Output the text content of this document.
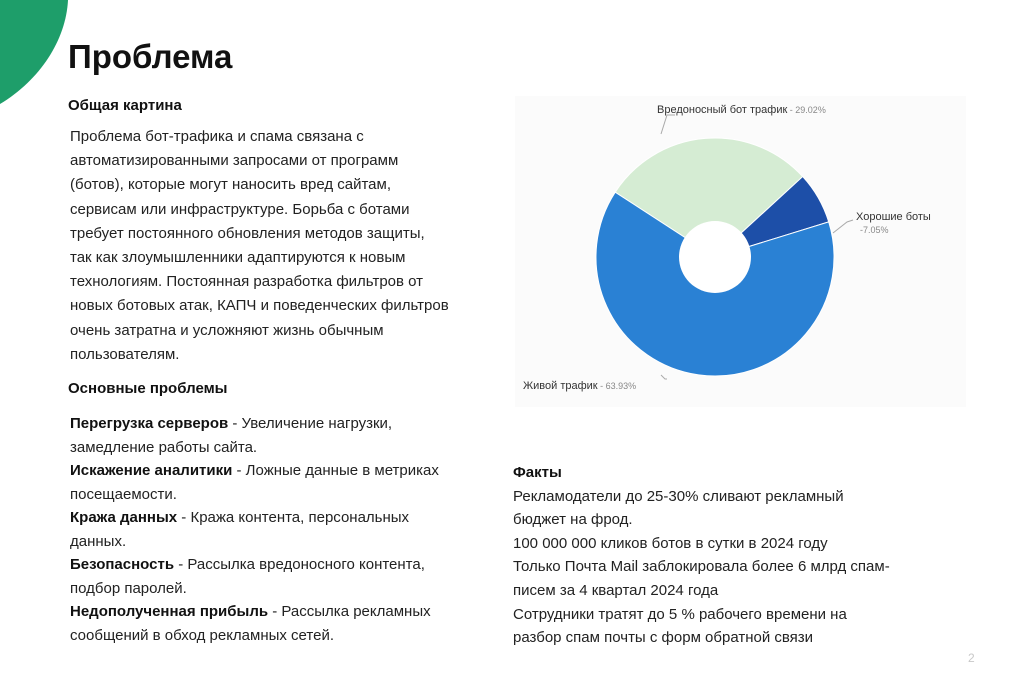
Проблема
Общая картина
Проблема бот-трафика и спама связана с
автоматизированными запросами от программ
(ботов), которые могут наносить вред сайтам,
сервисам или инфраструктуре. Борьба с ботами
требует постоянного обновления методов защиты,
так как злоумышленники адаптируются к новым
технологиям. Постоянная разработка фильтров от
новых ботовых атак, КАПЧ и поведенческих фильтров
очень затратна и усложняют жизнь обычным
пользователям.
Основные проблемы
Перегрузка серверов - Увеличение нагрузки,
замедление работы сайта.
Искажение аналитики - Ложные данные в метриках
посещаемости.
Кража данных - Кража контента, персональных
данных.
Безопасность - Рассылка вредоносного контента,
подбор паролей.
Недополученная прибыль - Рассылка рекламных
сообщений в обход рекламных сетей.
Вредоносный бот трафик - 29.02%
Хорошие боты
-7.05%
Живой трафик - 63.93%
Факты
Рекламодатели до 25-30% сливают рекламный
бюджет на фрод.
100 000 000 кликов ботов в сутки в 2024 году
Только Почта Mail заблокировала более 6 млрд спам-
писем за 4 квартал 2024 года
Сотрудники тратят до 5 % рабочего времени на
разбор спам почты с форм обратной связи
2
